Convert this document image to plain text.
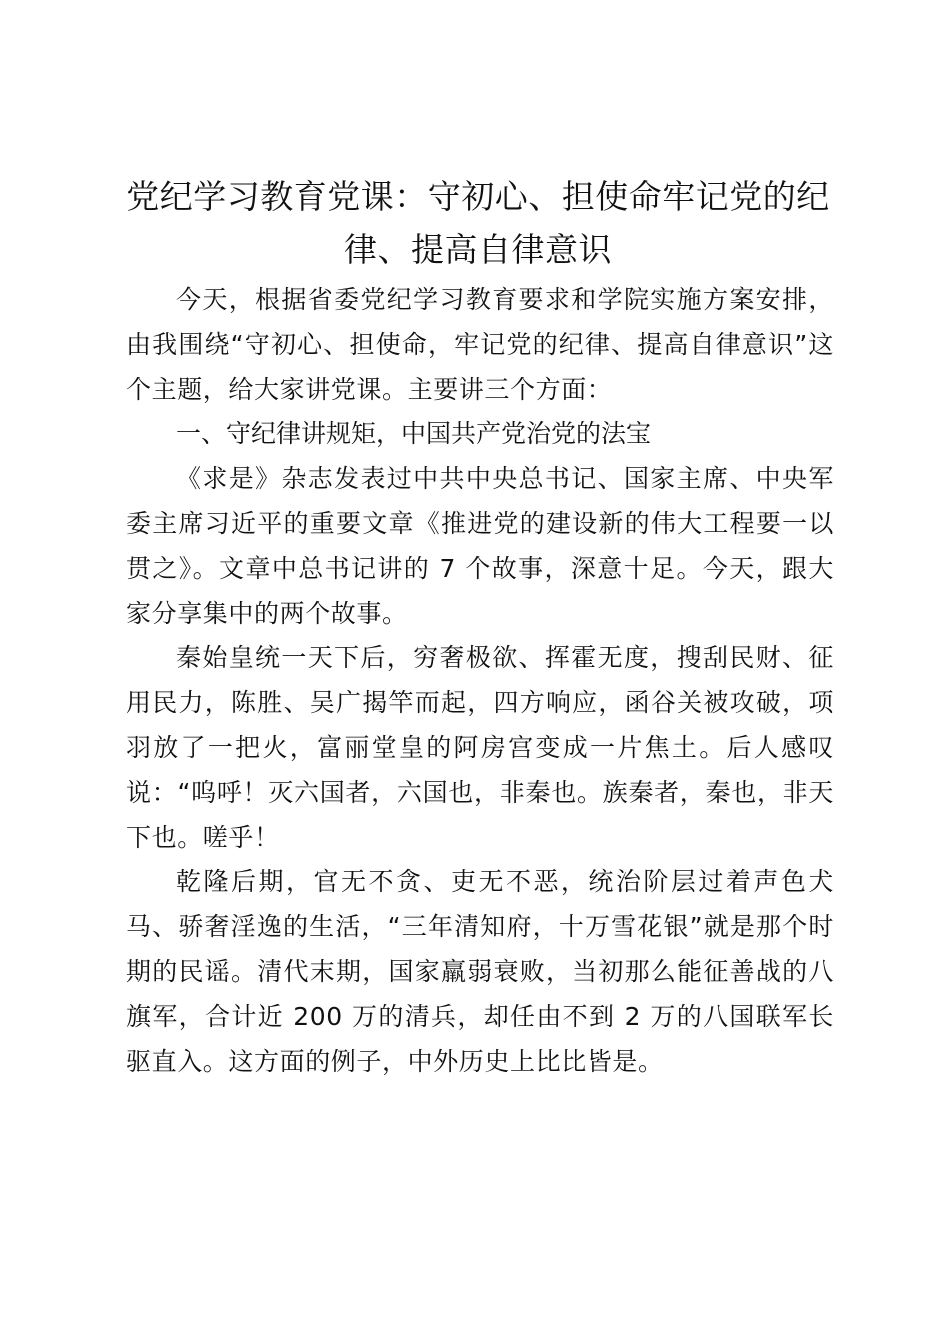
党纪学习教育党课：守初心、担使命牢记党的纪律、提高自律意识

今天，根据省委党纪学习教育要求和学院实施方案安排，由我围绕“守初心、担使命，牢记党的纪律、提高自律意识”这个主题，给大家讲党课。主要讲三个方面：

一、守纪律讲规矩，中国共产党治党的法宝

《求是》杂志发表过中共中央总书记、国家主席、中央军委主席习近平的重要文章《推进党的建设新的伟大工程要一以贯之》。文章中总书记讲的 7 个故事，深意十足。今天，跟大家分享集中的两个故事。

秦始皇统一天下后，穷奢极欲、挥霍无度，搜刮民财、征用民力，陈胜、吴广揭竿而起，四方响应，函谷关被攻破，项羽放了一把火，富丽堂皇的阿房宫变成一片焦土。后人感叹说：“呜呼！灭六国者，六国也，非秦也。族秦者，秦也，非天下也。嗟乎！

乾隆后期，官无不贪、吏无不恶，统治阶层过着声色犬马、骄奢淫逸的生活，“三年清知府，十万雪花银”就是那个时期的民谣。清代末期，国家羸弱衰败，当初那么能征善战的八旗军，合计近 200 万的清兵，却任由不到 2 万的八国联军长驱直入。这方面的例子，中外历史上比比皆是。
